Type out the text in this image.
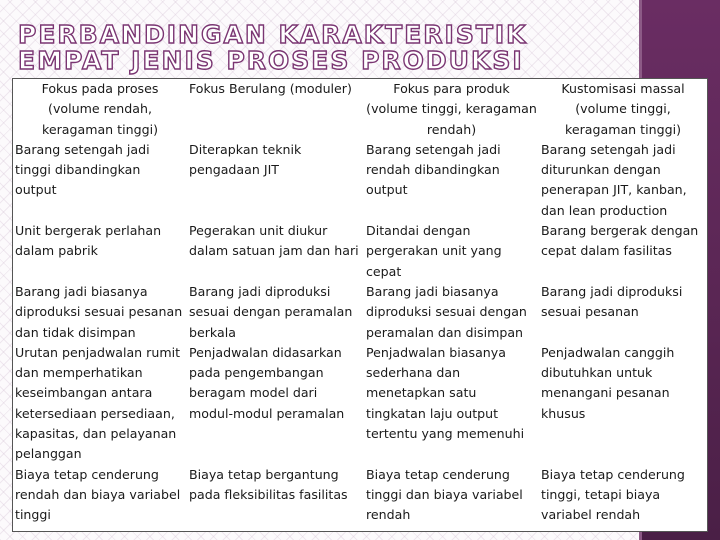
PERBANDINGAN KARAKTERISTIK EMPAT JENIS PROSES PRODUKSI
Fokus pada proses (volume rendah, keragaman tinggi)	Fokus Berulang (moduler)	Fokus para produk (volume tinggi, keragaman rendah)	Kustomisasi massal (volume tinggi, keragaman tinggi)
Barang setengah jadi tinggi dibandingkan output	Diterapkan teknik pengadaan JIT	Barang setengah jadi rendah dibandingkan output	Barang setengah jadi diturunkan dengan penerapan JIT, kanban, dan lean production
Unit bergerak perlahan dalam pabrik	Pegerakan unit diukur dalam satuan jam dan hari	Ditandai dengan pergerakan unit yang cepat	Barang bergerak dengan cepat dalam fasilitas
Barang jadi biasanya diproduksi sesuai pesanan dan tidak disimpan	Barang jadi diproduksi sesuai dengan peramalan berkala	Barang jadi biasanya diproduksi sesuai dengan peramalan dan disimpan	Barang jadi diproduksi sesuai pesanan
Urutan penjadwalan rumit dan memperhatikan keseimbangan antara ketersediaan persediaan, kapasitas, dan pelayanan pelanggan	Penjadwalan didasarkan pada pengembangan beragam model dari modul-modul peramalan	Penjadwalan biasanya sederhana dan menetapkan satu tingkatan laju output tertentu yang memenuhi	Penjadwalan canggih dibutuhkan untuk menangani pesanan khusus
Biaya tetap cenderung rendah dan biaya variabel tinggi	Biaya tetap bergantung pada fleksibilitas fasilitas	Biaya tetap cenderung tinggi dan biaya variabel rendah	Biaya tetap cenderung tinggi, tetapi biaya variabel rendah
